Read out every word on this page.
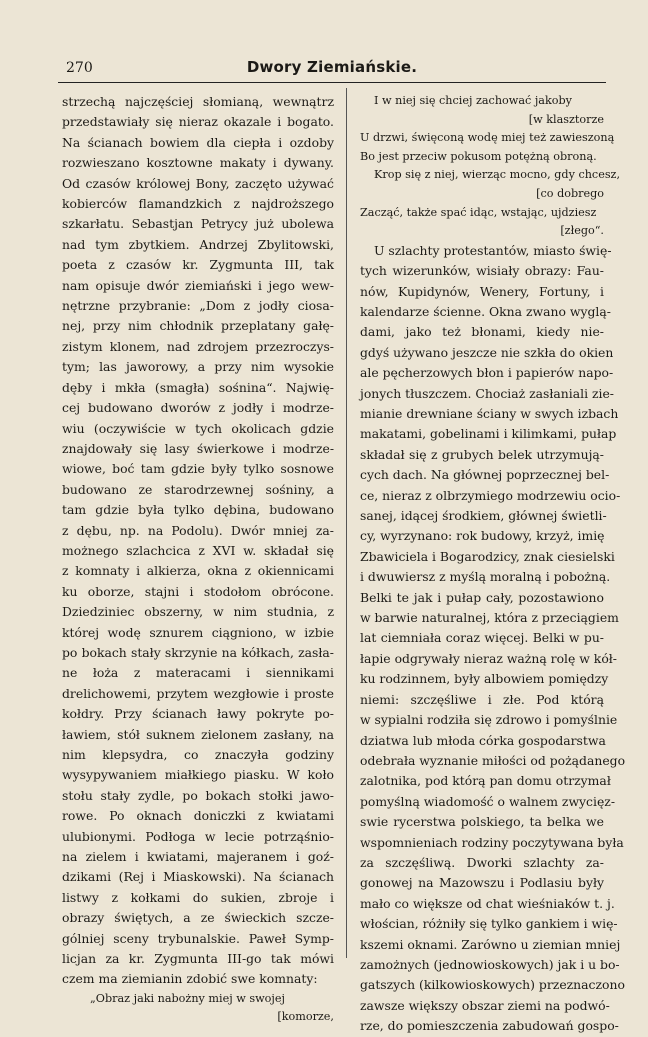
270	Dwory Ziemiańskie.
strzechą najczęściej słomianą, wewnątrz
przedstawiały się nieraz okazale i bogato.
Na ścianach bowiem dla ciepła i ozdoby
rozwieszano kosztowne makaty i dywany.
Od czasów królowej Bony, zaczęto używać
kobierców flamandzkich z najdroższego
szkarłatu. Sebastjan Petrycy już ubolewa
nad tym zbytkiem. Andrzej Zbylitowski,
poeta z czasów kr. Zygmunta III, tak
nam opisuje dwór ziemiański i jego wew-
nętrzne przybranie: „Dom z jodły ciosa-
nej, przy nim chłodnik przeplatany gałę-
zistym klonem, nad zdrojem przezroczys-
tym; las jaworowy, a przy nim wysokie
dęby i mkła (smagła) sośnina“. Najwię-
cej budowano dworów z jodły i modrze-
wiu (oczywiście w tych okolicach gdzie
znajdowały się lasy świerkowe i modrze-
wiowe, boć tam gdzie były tylko sosnowe
budowano ze starodrzewnej sośniny, a
tam gdzie była tylko dębina, budowano
z dębu, np. na Podolu). Dwór mniej za-
możnego szlachcica z XVI w. składał się
z komnaty i alkierza, okna z okiennicami
ku oborze, stajni i stodołom obrócone.
Dziedziniec obszerny, w nim studnia, z
której wodę sznurem ciągniono, w izbie
po bokach stały skrzynie na kółkach, zasła-
ne łoża z materacami i siennikami
drelichowemi, przytem wezgłowie i proste
kołdry. Przy ścianach ławy pokryte po-
ławiem, stół suknem zielonem zasłany, na
nim klepsydra, co znaczyła godziny
wysypywaniem miałkiego piasku. W koło
stołu stały zydle, po bokach stołki jawo-
rowe. Po oknach doniczki z kwiatami
ulubionymi. Podłoga w lecie potrząśnio-
na zielem i kwiatami, majeranem i goź-
dzikami (Rej i Miaskowski). Na ścianach
listwy z kołkami do sukien, zbroje i
obrazy świętych, a ze świeckich szcze-
gólniej sceny trybunalskie. Paweł Symp-
licjan za kr. Zygmunta III-go tak mówi
czem ma ziemianin zdobić swe komnaty:
„Obraz jaki nabożny miej w swojej
[komorze,
I w niej się chciej zachować jakoby
[w klasztorze
U drzwi, święconą wodę miej też zawieszoną
Bo jest przeciw pokusom potężną obroną.
Krop się z niej, wierząc mocno, gdy chcesz,
[co dobrego
Zacząć, także spać idąc, wstając, ujdziesz
[złego“.
U szlachty protestantów, miasto świę-
tych wizerunków, wisiały obrazy: Fau-
nów, Kupidynów, Wenery, Fortuny, i
kalendarze ścienne. Okna zwano wyglą-
dami, jako też błonami, kiedy nie-
gdyś używano jeszcze nie szkła do okien
ale pęcherzowych błon i papierów napo-
jonych tłuszczem. Chociaż zasłaniali zie-
mianie drewniane ściany w swych izbach
makatami, gobelinami i kilimkami, pułap
składał się z grubych belek utrzymują-
cych dach. Na głównej poprzecznej bel-
ce, nieraz z olbrzymiego modrzewiu ocio-
sanej, idącej środkiem, głównej świetli-
cy, wyrzynano: rok budowy, krzyż, imię
Zbawiciela i Bogarodzicy, znak ciesielski
i dwuwiersz z myślą moralną i pobożną.
Belki te jak i pułap cały, pozostawiono
w barwie naturalnej, która z przeciągiem
lat ciemniała coraz więcej. Belki w pu-
łapie odgrywały nieraz ważną rolę w kół-
ku rodzinnem, były albowiem pomiędzy
niemi: szczęśliwe i złe. Pod którą
w sypialni rodziła się zdrowo i pomyślnie
dziatwa lub młoda córka gospodarstwa
odebrała wyznanie miłości od pożądanego
zalotnika, pod którą pan domu otrzymał
pomyślną wiadomość o walnem zwycięz-
swie rycerstwa polskiego, ta belka we
wspomnieniach rodziny poczytywana była
za szczęśliwą. Dworki szlachty za-
gonowej na Mazowszu i Podlasiu były
mało co większe od chat wieśniaków t. j.
włościan, różniły się tylko gankiem i wię-
kszemi oknami. Zarówno u ziemian mniej
zamożnych (jednowioskowych) jak i u bo-
gatszych (kilkowioskowych) przeznaczono
zawsze większy obszar ziemi na podwó-
rze, do pomieszczenia zabudowań gospo-
